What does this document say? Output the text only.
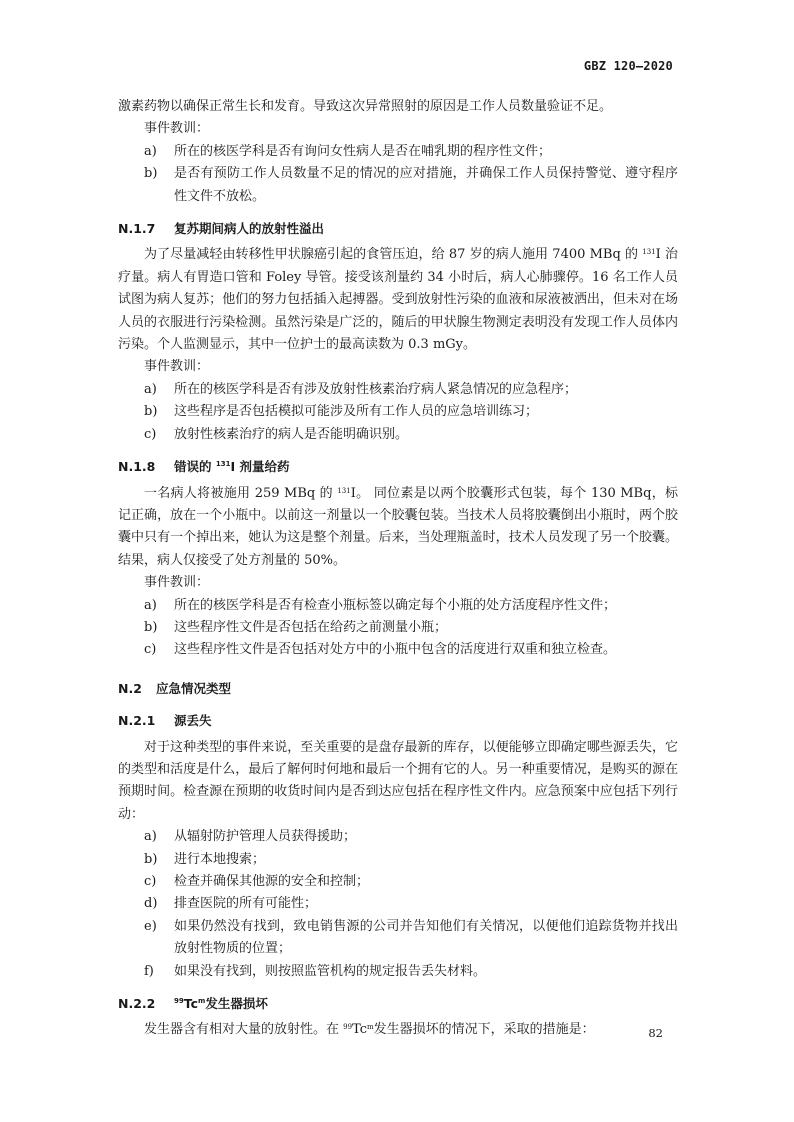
GBZ 120—2020

激素药物以确保正常生长和发育。导致这次异常照射的原因是工作人员数量验证不足。

事件教训：

a)	所在的核医学科是否有询问女性病人是否在哺乳期的程序性文件；
b)	是否有预防工作人员数量不足的情况的应对措施，并确保工作人员保持警觉、遵守程序性文件不放松。
N.1.7 复苏期间病人的放射性溢出

为了尽量减轻由转移性甲状腺癌引起的食管压迫，给 87 岁的病人施用 7400 MBq 的 $^{131}$I 治疗量。病人有胃造口管和 Foley 导管。接受该剂量约 34 小时后，病人心肺骤停。16 名工作人员试图为病人复苏；他们的努力包括插入起搏器。受到放射性污染的血液和尿液被洒出，但未对在场人员的衣服进行污染检测。虽然污染是广泛的，随后的甲状腺生物测定表明没有发现工作人员体内污染。个人监测显示，其中一位护士的最高读数为 0.3 mGy。

事件教训：

a)	所在的核医学科是否有涉及放射性核素治疗病人紧急情况的应急程序；
b)	这些程序是否包括模拟可能涉及所有工作人员的应急培训练习；
c)	放射性核素治疗的病人是否能明确识别。
N.1.8 错误的 $^{131}$I 剂量给药

一名病人将被施用 259 MBq 的 $^{131}$I。 同位素是以两个胶囊形式包装，每个 130 MBq，标记正确，放在一个小瓶中。以前这一剂量以一个胶囊包装。当技术人员将胶囊倒出小瓶时，两个胶囊中只有一个掉出来，她认为这是整个剂量。后来，当处理瓶盖时，技术人员发现了另一个胶囊。结果，病人仅接受了处方剂量的 50%。

事件教训：

a)	所在的核医学科是否有检查小瓶标签以确定每个小瓶的处方活度程序性文件；
b)	这些程序性文件是否包括在给药之前测量小瓶；
c)	这些程序性文件是否包括对处方中的小瓶中包含的活度进行双重和独立检查。
N.2 应急情况类型
N.2.1 源丢失

对于这种类型的事件来说，至关重要的是盘存最新的库存，以便能够立即确定哪些源丢失，它的类型和活度是什么，最后了解何时何地和最后一个拥有它的人。另一种重要情况，是购买的源在预期时间。检查源在预期的收货时间内是否到达应包括在程序性文件内。应急预案中应包括下列行动：

a)	从辐射防护管理人员获得援助；
b)	进行本地搜索；
c)	检查并确保其他源的安全和控制；
d)	排查医院的所有可能性；
e)	如果仍然没有找到，致电销售源的公司并告知他们有关情况，以便他们追踪货物并找出放射性物质的位置；
f)	如果没有找到，则按照监管机构的规定报告丢失材料。
N.2.2	$^{99}$Tc$^m$发生器损坏

发生器含有相对大量的放射性。在 $^{99}$Tc$^m$发生器损坏的情况下，采取的措施是：	82
